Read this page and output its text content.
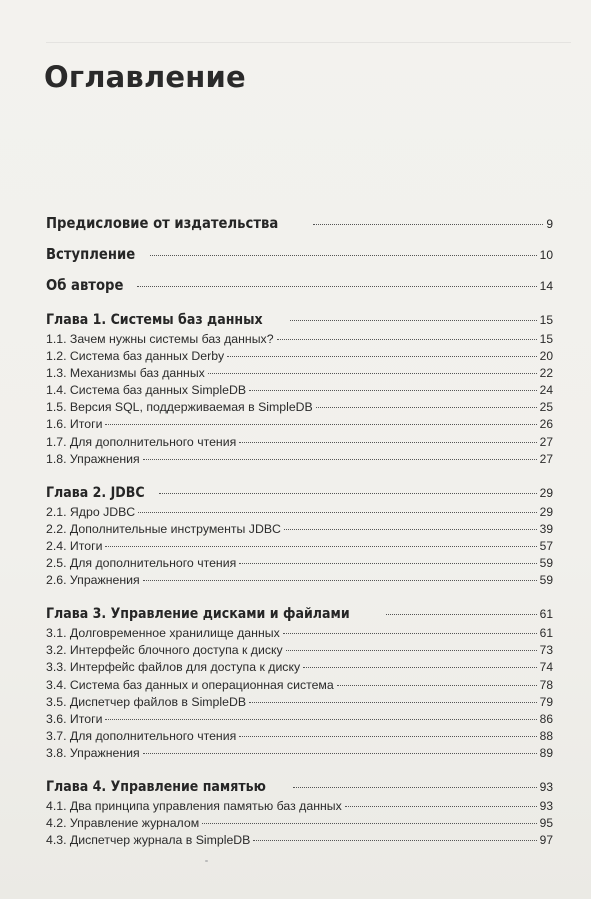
Оглавление
Предисловие от издательства	9
Вступление	10
Об авторе	14
Глава 1. Системы баз данных	15
1.1. Зачем нужны системы баз данных?	15
1.2. Система баз данных Derby	20
1.3. Механизмы баз данных	22
1.4. Система баз данных SimpleDB	24
1.5. Версия SQL, поддерживаемая в SimpleDB	25
1.6. Итоги	26
1.7. Для дополнительного чтения	27
1.8. Упражнения	27
Глава 2. JDBC	29
2.1. Ядро JDBC	29
2.2. Дополнительные инструменты JDBC	39
2.4. Итоги	57
2.5. Для дополнительного чтения	59
2.6. Упражнения	59
Глава 3. Управление дисками и файлами	61
3.1. Долговременное хранилище данных	61
3.2. Интерфейс блочного доступа к диску	73
3.3. Интерфейс файлов для доступа к диску	74
3.4. Система баз данных и операционная система	78
3.5. Диспетчер файлов в SimpleDB	79
3.6. Итоги	86
3.7. Для дополнительного чтения	88
3.8. Упражнения	89
Глава 4. Управление памятью	93
4.1. Два принципа управления памятью баз данных	93
4.2. Управление журналом	95
4.3. Диспетчер журнала в SimpleDB	97
